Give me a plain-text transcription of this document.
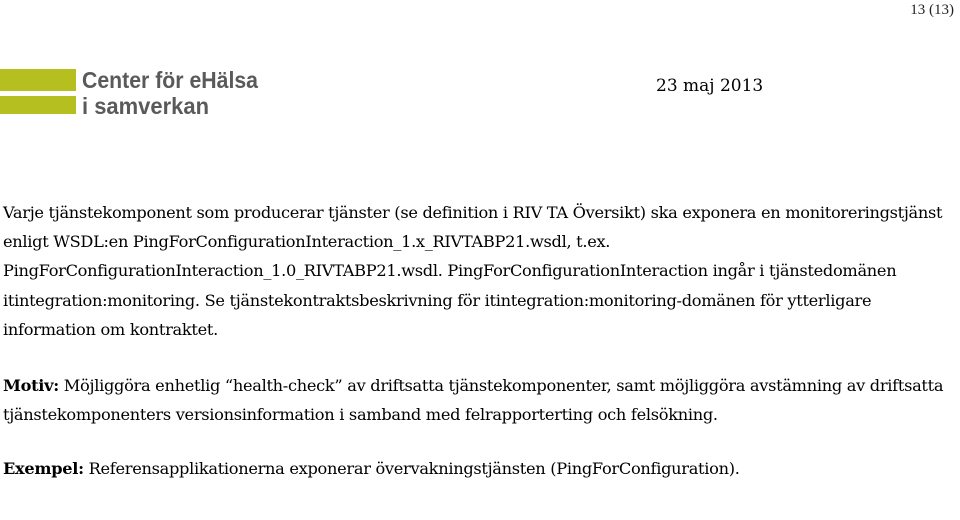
13 (13)
Center för eHälsa
i samverkan
23 maj 2013

Varje tjänstekomponent som producerar tjänster (se definition i RIV TA Översikt) ska exponera en monitoreringstjänst enligt WSDL:en PingForConfigurationInteraction_1.x_RIVTABP21.wsdl, t.ex. PingForConfigurationInteraction_1.0_RIVTABP21.wsdl. PingForConfigurationInteraction ingår i tjänstedomänen itintegration:monitoring. Se tjänstekontraktsbeskrivning för itintegration:monitoring-domänen för ytterligare information om kontraktet.

Motiv: Möjliggöra enhetlig “health-check” av driftsatta tjänstekomponenter, samt möjliggöra avstämning av driftsatta tjänstekomponenters versionsinformation i samband med felrapporterting och felsökning.

Exempel: Referensapplikationerna exponerar övervakningstjänsten (PingForConfiguration).
